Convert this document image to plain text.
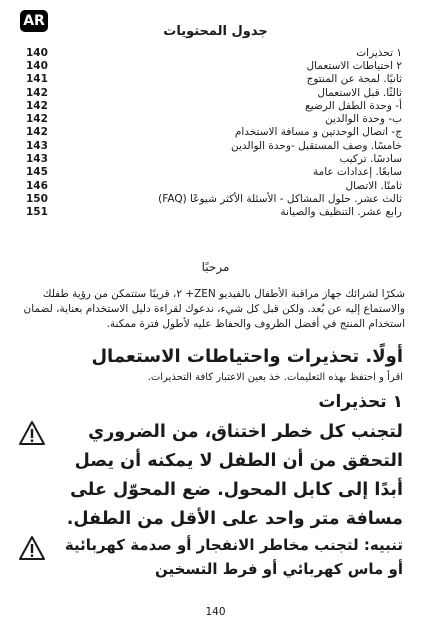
AR
جدول المحتويات
140	١ تحذيرات
140	٢ احتياطات الاستعمال
141	ثانيًا. لمحة عن المنتوج
142	ثالثًا. قبل الاستعمال
142	أ- وحدة الطفل الرضيع
142	ب- وحدة الوالدين
142	ج- اتصال الوحدتين و مسافة الاستخدام
143	خامسًا. وصف المستقبل -وحدة الوالدين
143	سادسًا. تركيب
145	سابعًا. إعدادات عامة
146	ثامنًا. الاتصال
150	ثالث عشر. حلول المشاكل - الأسئلة الأكثر شيوعًا (FAQ)
151	رابع عشر. التنظيف والصيانة
مرحبًا
شكرًا لشرائك جهاز مراقبة الأطفال بالفيديو ZEN+ ٢، قريبًا ستتمكن من رؤية طفلك والاستماع إليه عن بُعد. ولكن قبل كل شيء، ندعوك لقراءة دليل الاستخدام بعناية، لضمان استخدام المنتج في أفضل الظروف والحفاظ عليه لأطول فترة ممكنة.
أولًا. تحذيرات واحتياطات الاستعمال
اقرأ و احتفظ بهذه التعليمات. خذ بعين الاعتبار كافة التحذيرات.
١ تحذيرات
لتجنب كل خطر اختناق، من الضروري التحقق من أن الطفل لا يمكنه أن يصل أبدًا إلى كابل المحول. ضع المحوّل على مسافة متر واحد على الأقل من الطفل.
تنبيه: لتجنب مخاطر الانفجار أو صدمة كهربائية أو ماس كهربائي أو فرط التسخين
140
